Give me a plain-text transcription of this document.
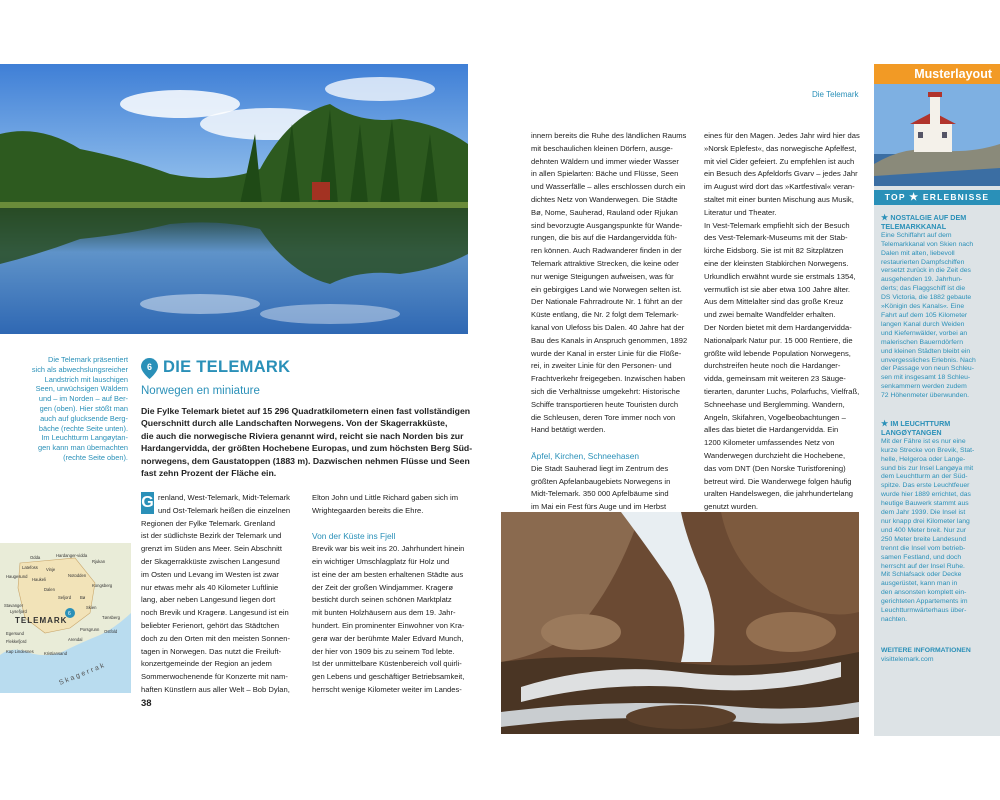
Die Telemark präsentiert
sich als abwechslungsreicher
Landstrich mit lauschigen
Seen, urwüchsigen Wäldern
und – im Norden – auf Ber-
gen (oben). Hier stößt man
auch auf glucksende Berg-
bäche (rechte Seite unten).
Im Leuchtturm Langøytan-
gen kann man übernachten
(rechte Seite oben).
6
TELEMARK
Skagerrak
Odda	Hardanger-vidda
Rjukan
Latefoss Vinje
Haugesund
Haukeli
Notodden
Kongsberg
Dalen
Seljord Bø
Stavanger
Lysefjord
Skien
Tønsberg
Porsgrunn
Egersund
Flekkefjord	Arendal
Kristiansand
Kap Lindesnes
Ostfold
6 DIE TELEMARK
Norwegen en miniature
Die Fylke Telemark bietet auf 15 296 Quadratkilometern einen fast vollständigen
Querschnitt durch alle Landschaften Norwegens. Von der Skagerrakküste,
die auch die norwegische Riviera genannt wird, reicht sie nach Norden bis zur
Hardangervidda, der größten Hochebene Europas, und zum höchsten Berg Süd-
norwegens, dem Gaustatoppen (1883 m). Dazwischen nehmen Flüsse und Seen
fast zehn Prozent der Fläche ein.
G renland, West-Telemark, Midt-Telemark
und Ost-Telemark heißen die einzelnen
Regionen der Fylke Telemark. Grenland
ist der südlichste Bezirk der Telemark und
grenzt im Süden ans Meer. Sein Abschnitt
der Skagerrakküste zwischen Langesund
im Osten und Levang im Westen ist zwar
nur etwas mehr als 40 Kilometer Luftlinie
lang, aber neben Langesund liegen dort
noch Brevik und Kragerø. Langesund ist ein
beliebter Ferienort, gehört das Städtchen
doch zu den Orten mit den meisten Sonnen-
tagen in Norwegen. Das nutzt die Freiluft-
konzertgemeinde der Region an jedem
Sommerwochenende für Konzerte mit nam-
haften Künstlern aus aller Welt – Bob Dylan,
Elton John und Little Richard gaben sich im
Wrightegaarden bereits die Ehre.
Von der Küste ins Fjell
Brevik war bis weit ins 20. Jahrhundert hinein
ein wichtiger Umschlagplatz für Holz und
ist eine der am besten erhaltenen Städte aus
der Zeit der großen Windjammer. Kragerø
besticht durch seinen schönen Marktplatz
mit bunten Holzhäusern aus dem 19. Jahr-
hundert. Ein prominenter Einwohner von Kra-
gerø war der berühmte Maler Edvard Munch,
der hier von 1909 bis zu seinem Tod lebte.
Ist der unmittelbare Küstenbereich voll quirli-
gen Lebens und geschäftiger Betriebsamkeit,
herrscht wenige Kilometer weiter im Landes-
38
Die Telemark
innern bereits die Ruhe des ländlichen Raums
mit beschaulichen kleinen Dörfern, ausge-
dehnten Wäldern und immer wieder Wasser
in allen Spielarten: Bäche und Flüsse, Seen
und Wasserfälle – alles erschlossen durch ein
dichtes Netz von Wanderwegen. Die Städte
Bø, Nome, Sauherad, Rauland oder Rjukan
sind bevorzugte Ausgangspunkte für Wande-
rungen, die bis auf die Hardangervidda füh-
ren können. Auch Radwanderer finden in der
Telemark attraktive Strecken, die keine oder
nur wenige Steigungen aufweisen, was für
ein gebirgiges Land wie Norwegen selten ist.
Der Nationale Fahrradroute Nr. 1 führt an der
Küste entlang, die Nr. 2 folgt dem Telemark-
kanal von Ulefoss bis Dalen. 40 Jahre hat der
Bau des Kanals in Anspruch genommen, 1892
wurde der Kanal in erster Linie für die Flöße-
rei, in zweiter Linie für den Personen- und
Frachtverkehr freigegeben. Inzwischen haben
sich die Verhältnisse umgekehrt: Historische
Schiffe transportieren heute Touristen durch
die Schleusen, deren Tore immer noch von
Hand betätigt werden.
Äpfel, Kirchen, Schneehasen
Die Stadt Sauherad liegt im Zentrum des
größten Apfelanbaugebiets Norwegens in
Midt-Telemark. 350 000 Apfelbäume sind
im Mai ein Fest fürs Auge und im Herbst
eines für den Magen. Jedes Jahr wird hier das
»Norsk Eplefest«, das norwegische Apfelfest,
mit viel Cider gefeiert. Zu empfehlen ist auch
ein Besuch des Apfeldorfs Gvarv – jedes Jahr
im August wird dort das »Kartfestival« veran-
staltet mit einer bunten Mischung aus Musik,
Literatur und Theater.
In Vest-Telemark empfiehlt sich der Besuch
des Vest-Telemark-Museums mit der Stab-
kirche Eidsborg. Sie ist mit 82 Sitzplätzen
eine der kleinsten Stabkirchen Norwegens.
Urkundlich erwähnt wurde sie erstmals 1354,
vermutlich ist sie aber etwa 100 Jahre älter.
Aus dem Mittelalter sind das große Kreuz
und zwei bemalte Wandfelder erhalten.
Der Norden bietet mit dem Hardangervidda-
Nationalpark Natur pur. 15 000 Rentiere, die
größte wild lebende Population Norwegens,
durchstreifen heute noch die Hardanger-
vidda, gemeinsam mit weiteren 23 Säuge-
tierarten, darunter Luchs, Polarfuchs, Vielfraß,
Schneehase und Berglemming. Wandern,
Angeln, Skifahren, Vogelbeobachtungen –
alles das bietet die Hardangervidda. Ein
1200 Kilometer umfassendes Netz von
Wanderwegen durchzieht die Hochebene,
das vom DNT (Den Norske Turistforening)
betreut wird. Die Wanderwege folgen häufig
uralten Handelswegen, die jahrhundertelang
genutzt wurden.
Musterlayout
TOP ★ ERLEBNISSE
★ NOSTALGIE AUF DEM
TELEMARKKANAL
Eine Schiffahrt auf dem
Telemarkkanal von Skien nach
Dalen mit alten, liebevoll
restaurierten Dampfschiffen
versetzt zurück in die Zeit des
ausgehenden 19. Jahrhun-
derts; das Flaggschiff ist die
DS Victoria, die 1882 gebaute
»Königin des Kanals«. Eine
Fahrt auf dem 105 Kilometer
langen Kanal durch Weiden
und Kiefernwälder, vorbei an
malerischen Bauerndörfern
und kleinen Städten bleibt ein
unvergessliches Erlebnis. Nach
der Passage von neun Schleu-
sen mit insgesamt 18 Schleu-
senkammern werden zudem
72 Höhenmeter überwunden.
★ IM LEUCHTTURM
LANGØYTANGEN
Mit der Fähre ist es nur eine
kurze Strecke von Brevik, Stat-
helle, Helgeroa oder Lange-
sund bis zur Insel Langøya mit
dem Leuchtturm an der Süd-
spitze. Das erste Leuchtfeuer
wurde hier 1889 errichtet, das
heutige Bauwerk stammt aus
dem Jahr 1939. Die Insel ist
nur knapp drei Kilometer lang
und 400 Meter breit. Nur zur
250 Meter breite Landesund
trennt die Insel vom betrieb-
samen Festland, und doch
herrscht auf der Insel Ruhe.
Mit Schlafsack oder Decke
ausgerüstet, kann man in
den ansonsten komplett ein-
gerichteten Appartements im
Leuchtturmwärterhaus über-
nachten.
WEITERE INFORMATIONEN
visittelemark.com
